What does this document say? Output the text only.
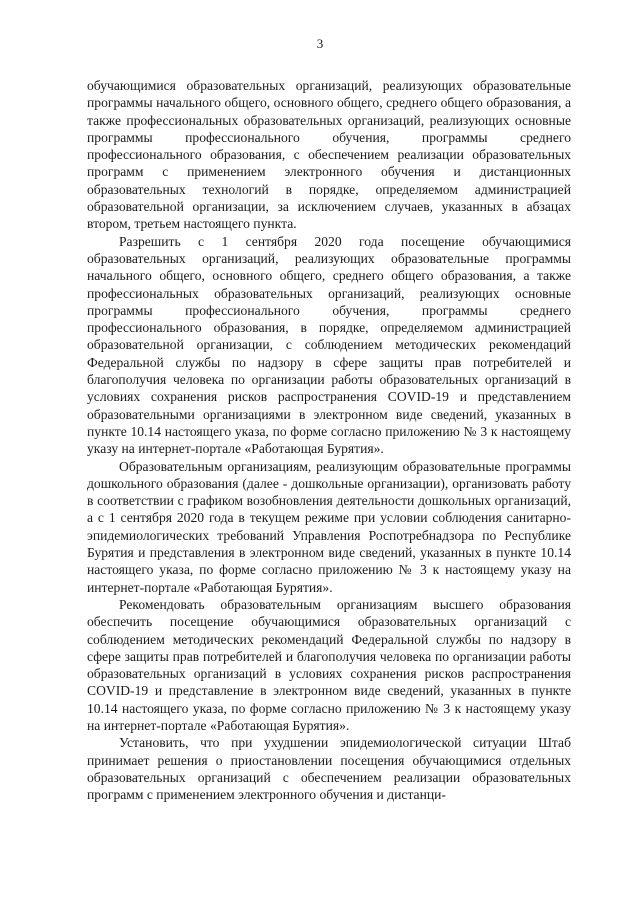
3

обучающимися образовательных организаций, реализующих образовательные программы начального общего, основного общего, среднего общего образования, а также профессиональных образовательных организаций, реализующих основные программы профессионального обучения, программы среднего профессионального образования, с обеспечением реализации образовательных программ с применением электронного обучения и дистанционных образовательных технологий в порядке, определяемом администрацией образовательной организации, за исключением случаев, указанных в абзацах втором, третьем настоящего пункта.

Разрешить с 1 сентября 2020 года посещение обучающимися образовательных организаций, реализующих образовательные программы начального общего, основного общего, среднего общего образования, а также профессиональных образовательных организаций, реализующих основные программы профессионального обучения, программы среднего профессионального образования, в порядке, определяемом администрацией образовательной организации, с соблюдением методических рекомендаций Федеральной службы по надзору в сфере защиты прав потребителей и благополучия человека по организации работы образовательных организаций в условиях сохранения рисков распространения COVID-19 и представлением образовательными организациями в электронном виде сведений, указанных в пункте 10.14 настоящего указа, по форме согласно приложению № 3 к настоящему указу на интернет-портале «Работающая Бурятия».

Образовательным организациям, реализующим образовательные программы дошкольного образования (далее - дошкольные организации), организовать работу в соответствии с графиком возобновления деятельности дошкольных организаций, а с 1 сентября 2020 года в текущем режиме при условии соблюдения санитарно-эпидемиологических требований Управления Роспотребнадзора по Республике Бурятия и представления в электронном виде сведений, указанных в пункте 10.14 настоящего указа, по форме согласно приложению № 3 к настоящему указу на интернет-портале «Работающая Бурятия».

Рекомендовать образовательным организациям высшего образования обеспечить посещение обучающимися образовательных организаций с соблюдением методических рекомендаций Федеральной службы по надзору в сфере защиты прав потребителей и благополучия человека по организации работы образовательных организаций в условиях сохранения рисков распространения COVID-19 и представление в электронном виде сведений, указанных в пункте 10.14 настоящего указа, по форме согласно приложению № 3 к настоящему указу на интернет-портале «Работающая Бурятия».

Установить, что при ухудшении эпидемиологической ситуации Штаб принимает решения о приостановлении посещения обучающимися отдельных образовательных организаций с обеспечением реализации образовательных программ с применением электронного обучения и дистанци-
